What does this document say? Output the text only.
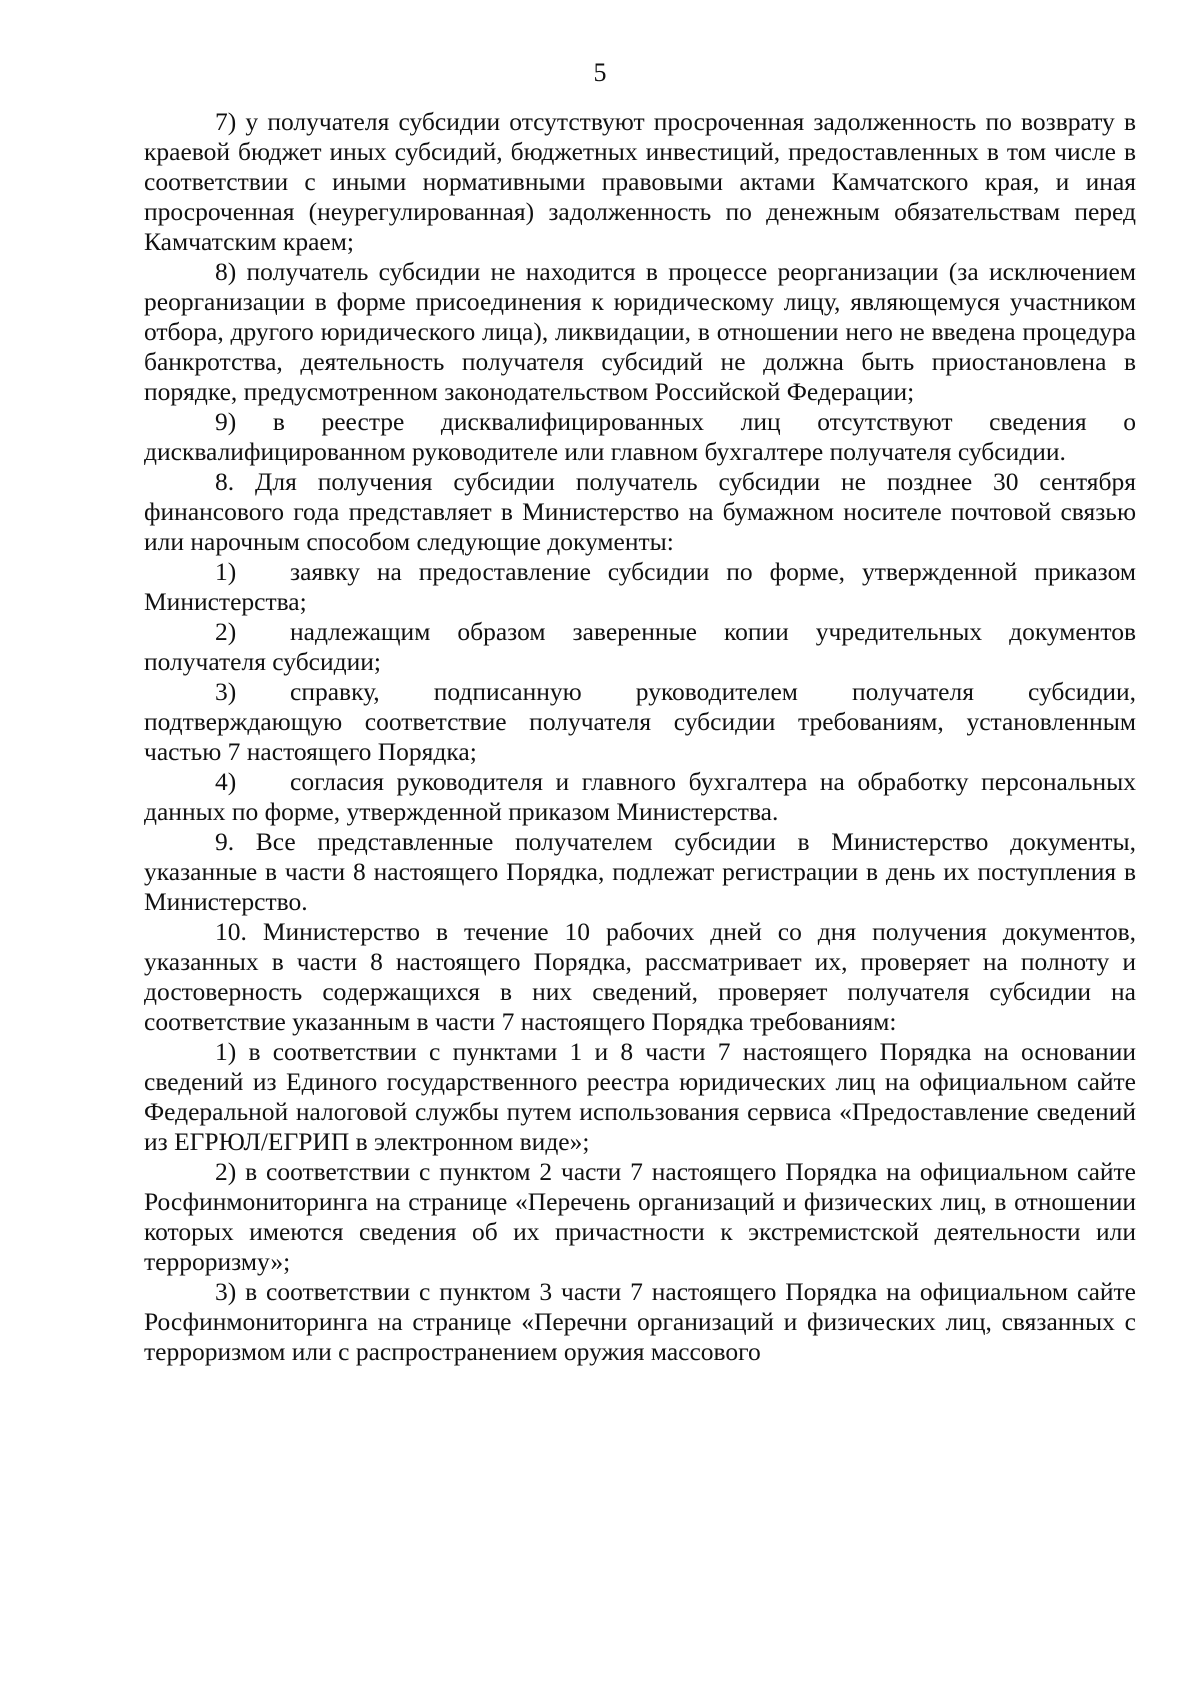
5

7) у получателя субсидии отсутствуют просроченная задолженность по возврату в краевой бюджет иных субсидий, бюджетных инвестиций, предоставленных в том числе в соответствии с иными нормативными правовыми актами Камчатского края, и иная просроченная (неурегулированная) задолженность по денежным обязательствам перед Камчатским краем;

8) получатель субсидии не находится в процессе реорганизации (за исключением реорганизации в форме присоединения к юридическому лицу, являющемуся участником отбора, другого юридического лица), ликвидации, в отношении него не введена процедура банкротства, деятельность получателя субсидий не должна быть приостановлена в порядке, предусмотренном законодательством Российской Федерации;

9) в реестре дисквалифицированных лиц отсутствуют сведения о дисквалифицированном руководителе или главном бухгалтере получателя субсидии.

8. Для получения субсидии получатель субсидии не позднее 30 сентября финансового года представляет в Министерство на бумажном носителе почтовой связью или нарочным способом следующие документы:

1) заявку на предоставление субсидии по форме, утвержденной приказом Министерства;

2) надлежащим образом заверенные копии учредительных документов получателя субсидии;

3) справку, подписанную руководителем получателя субсидии, подтверждающую соответствие получателя субсидии требованиям, установленным частью 7 настоящего Порядка;

4) согласия руководителя и главного бухгалтера на обработку персональных данных по форме, утвержденной приказом Министерства.

9. Все представленные получателем субсидии в Министерство документы, указанные в части 8 настоящего Порядка, подлежат регистрации в день их поступления в Министерство.

10. Министерство в течение 10 рабочих дней со дня получения документов, указанных в части 8 настоящего Порядка, рассматривает их, проверяет на полноту и достоверность содержащихся в них сведений, проверяет получателя субсидии на соответствие указанным в части 7 настоящего Порядка требованиям:

1) в соответствии с пунктами 1 и 8 части 7 настоящего Порядка на основании сведений из Единого государственного реестра юридических лиц на официальном сайте Федеральной налоговой службы путем использования сервиса «Предоставление сведений из ЕГРЮЛ/ЕГРИП в электронном виде»;

2) в соответствии с пунктом 2 части 7 настоящего Порядка на официальном сайте Росфинмониторинга на странице «Перечень организаций и физических лиц, в отношении которых имеются сведения об их причастности к экстремистской деятельности или терроризму»;

3) в соответствии с пунктом 3 части 7 настоящего Порядка на официальном сайте Росфинмониторинга на странице «Перечни организаций и физических лиц, связанных с терроризмом или с распространением оружия массового
